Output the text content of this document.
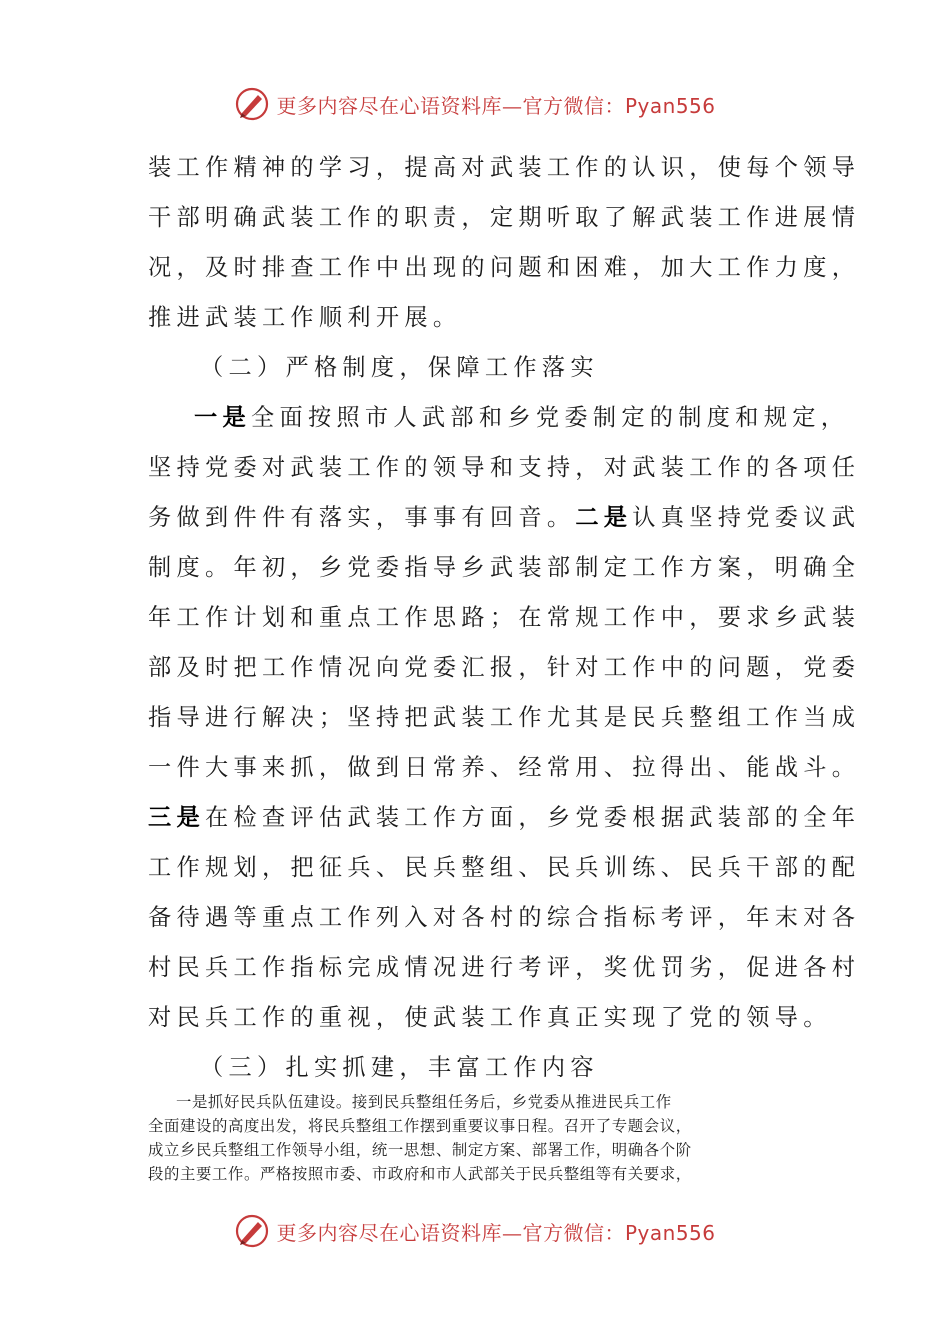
更多内容尽在心语资料库—官方微信：Pyan556
装工作精神的学习，提高对武装工作的认识，使每个领导
干部明确武装工作的职责，定期听取了解武装工作进展情
况，及时排查工作中出现的问题和困难，加大工作力度，
推进武装工作顺利开展。
（二）严格制度，保障工作落实
一是全面按照市人武部和乡党委制定的制度和规定，
坚持党委对武装工作的领导和支持，对武装工作的各项任
务做到件件有落实，事事有回音。二是认真坚持党委议武
制度。年初，乡党委指导乡武装部制定工作方案，明确全
年工作计划和重点工作思路；在常规工作中，要求乡武装
部及时把工作情况向党委汇报，针对工作中的问题，党委
指导进行解决；坚持把武装工作尤其是民兵整组工作当成
一件大事来抓，做到日常养、经常用、拉得出、能战斗。
三是在检查评估武装工作方面，乡党委根据武装部的全年
工作规划，把征兵、民兵整组、民兵训练、民兵干部的配
备待遇等重点工作列入对各村的综合指标考评，年末对各
村民兵工作指标完成情况进行考评，奖优罚劣，促进各村
对民兵工作的重视，使武装工作真正实现了党的领导。
（三）扎实抓建，丰富工作内容
一是抓好民兵队伍建设。接到民兵整组任务后，乡党委从推进民兵工作
全面建设的高度出发，将民兵整组工作摆到重要议事日程。召开了专题会议，
成立乡民兵整组工作领导小组，统一思想、制定方案、部署工作，明确各个阶
段的主要工作。严格按照市委、市政府和市人武部关于民兵整组等有关要求，
更多内容尽在心语资料库—官方微信：Pyan556
